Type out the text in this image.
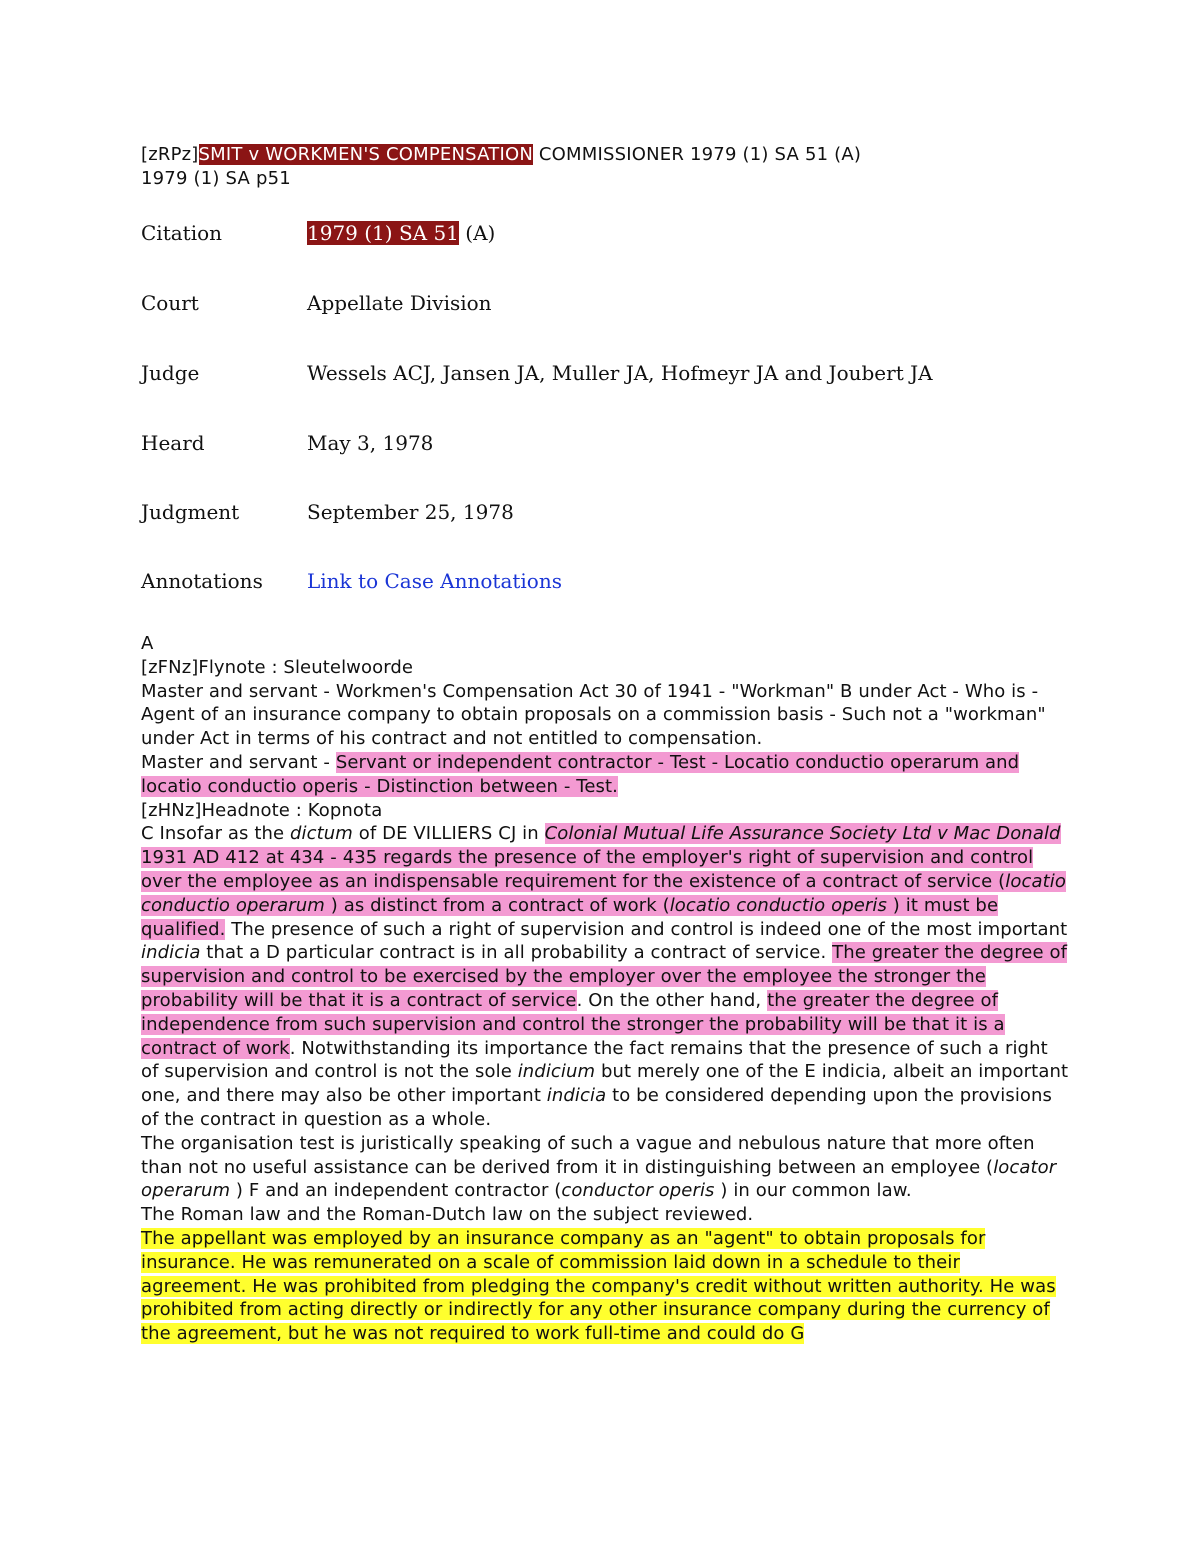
[zRPz]SMIT v WORKMEN'S COMPENSATION COMMISSIONER 1979 (1) SA 51 (A)
1979 (1) SA p51
Citation	1979 (1) SA 51 (A)
Court	Appellate Division
Judge	Wessels ACJ, Jansen JA, Muller JA, Hofmeyr JA and Joubert JA
Heard	May 3, 1978
Judgment	September 25, 1978
Annotations Link to Case Annotations

A

[zFNz]Flynote : Sleutelwoorde

Master and servant - Workmen's Compensation Act 30 of 1941 - "Workman" B under Act - Who is - Agent of an insurance company to obtain proposals on a commission basis - Such not a "workman" under Act in terms of his contract and not entitled to compensation.

Master and servant - Servant or independent contractor - Test - Locatio conductio operarum and locatio conductio operis - Distinction between - Test.

[zHNz]Headnote : Kopnota

C Insofar as the dictum of DE VILLIERS CJ in Colonial Mutual Life Assurance Society Ltd v Mac Donald 1931 AD 412 at 434 - 435 regards the presence of the employer's right of supervision and control over the employee as an indispensable requirement for the existence of a contract of service (locatio conductio operarum ) as distinct from a contract of work (locatio conductio operis ) it must be qualified. The presence of such a right of supervision and control is indeed one of the most important indicia that a D particular contract is in all probability a contract of service. The greater the degree of supervision and control to be exercised by the employer over the employee the stronger the probability will be that it is a contract of service. On the other hand, the greater the degree of independence from such supervision and control the stronger the probability will be that it is a contract of work. Notwithstanding its importance the fact remains that the presence of such a right of supervision and control is not the sole indicium but merely one of the E indicia, albeit an important one, and there may also be other important indicia to be considered depending upon the provisions of the contract in question as a whole.

The organisation test is juristically speaking of such a vague and nebulous nature that more often than not no useful assistance can be derived from it in distinguishing between an employee (locator operarum ) F and an independent contractor (conductor operis ) in our common law.

The Roman law and the Roman-Dutch law on the subject reviewed.

The appellant was employed by an insurance company as an "agent" to obtain proposals for insurance. He was remunerated on a scale of commission laid down in a schedule to their agreement. He was prohibited from pledging the company's credit without written authority. He was prohibited from acting directly or indirectly for any other insurance company during the currency of the agreement, but he was not required to work full-time and could do G
